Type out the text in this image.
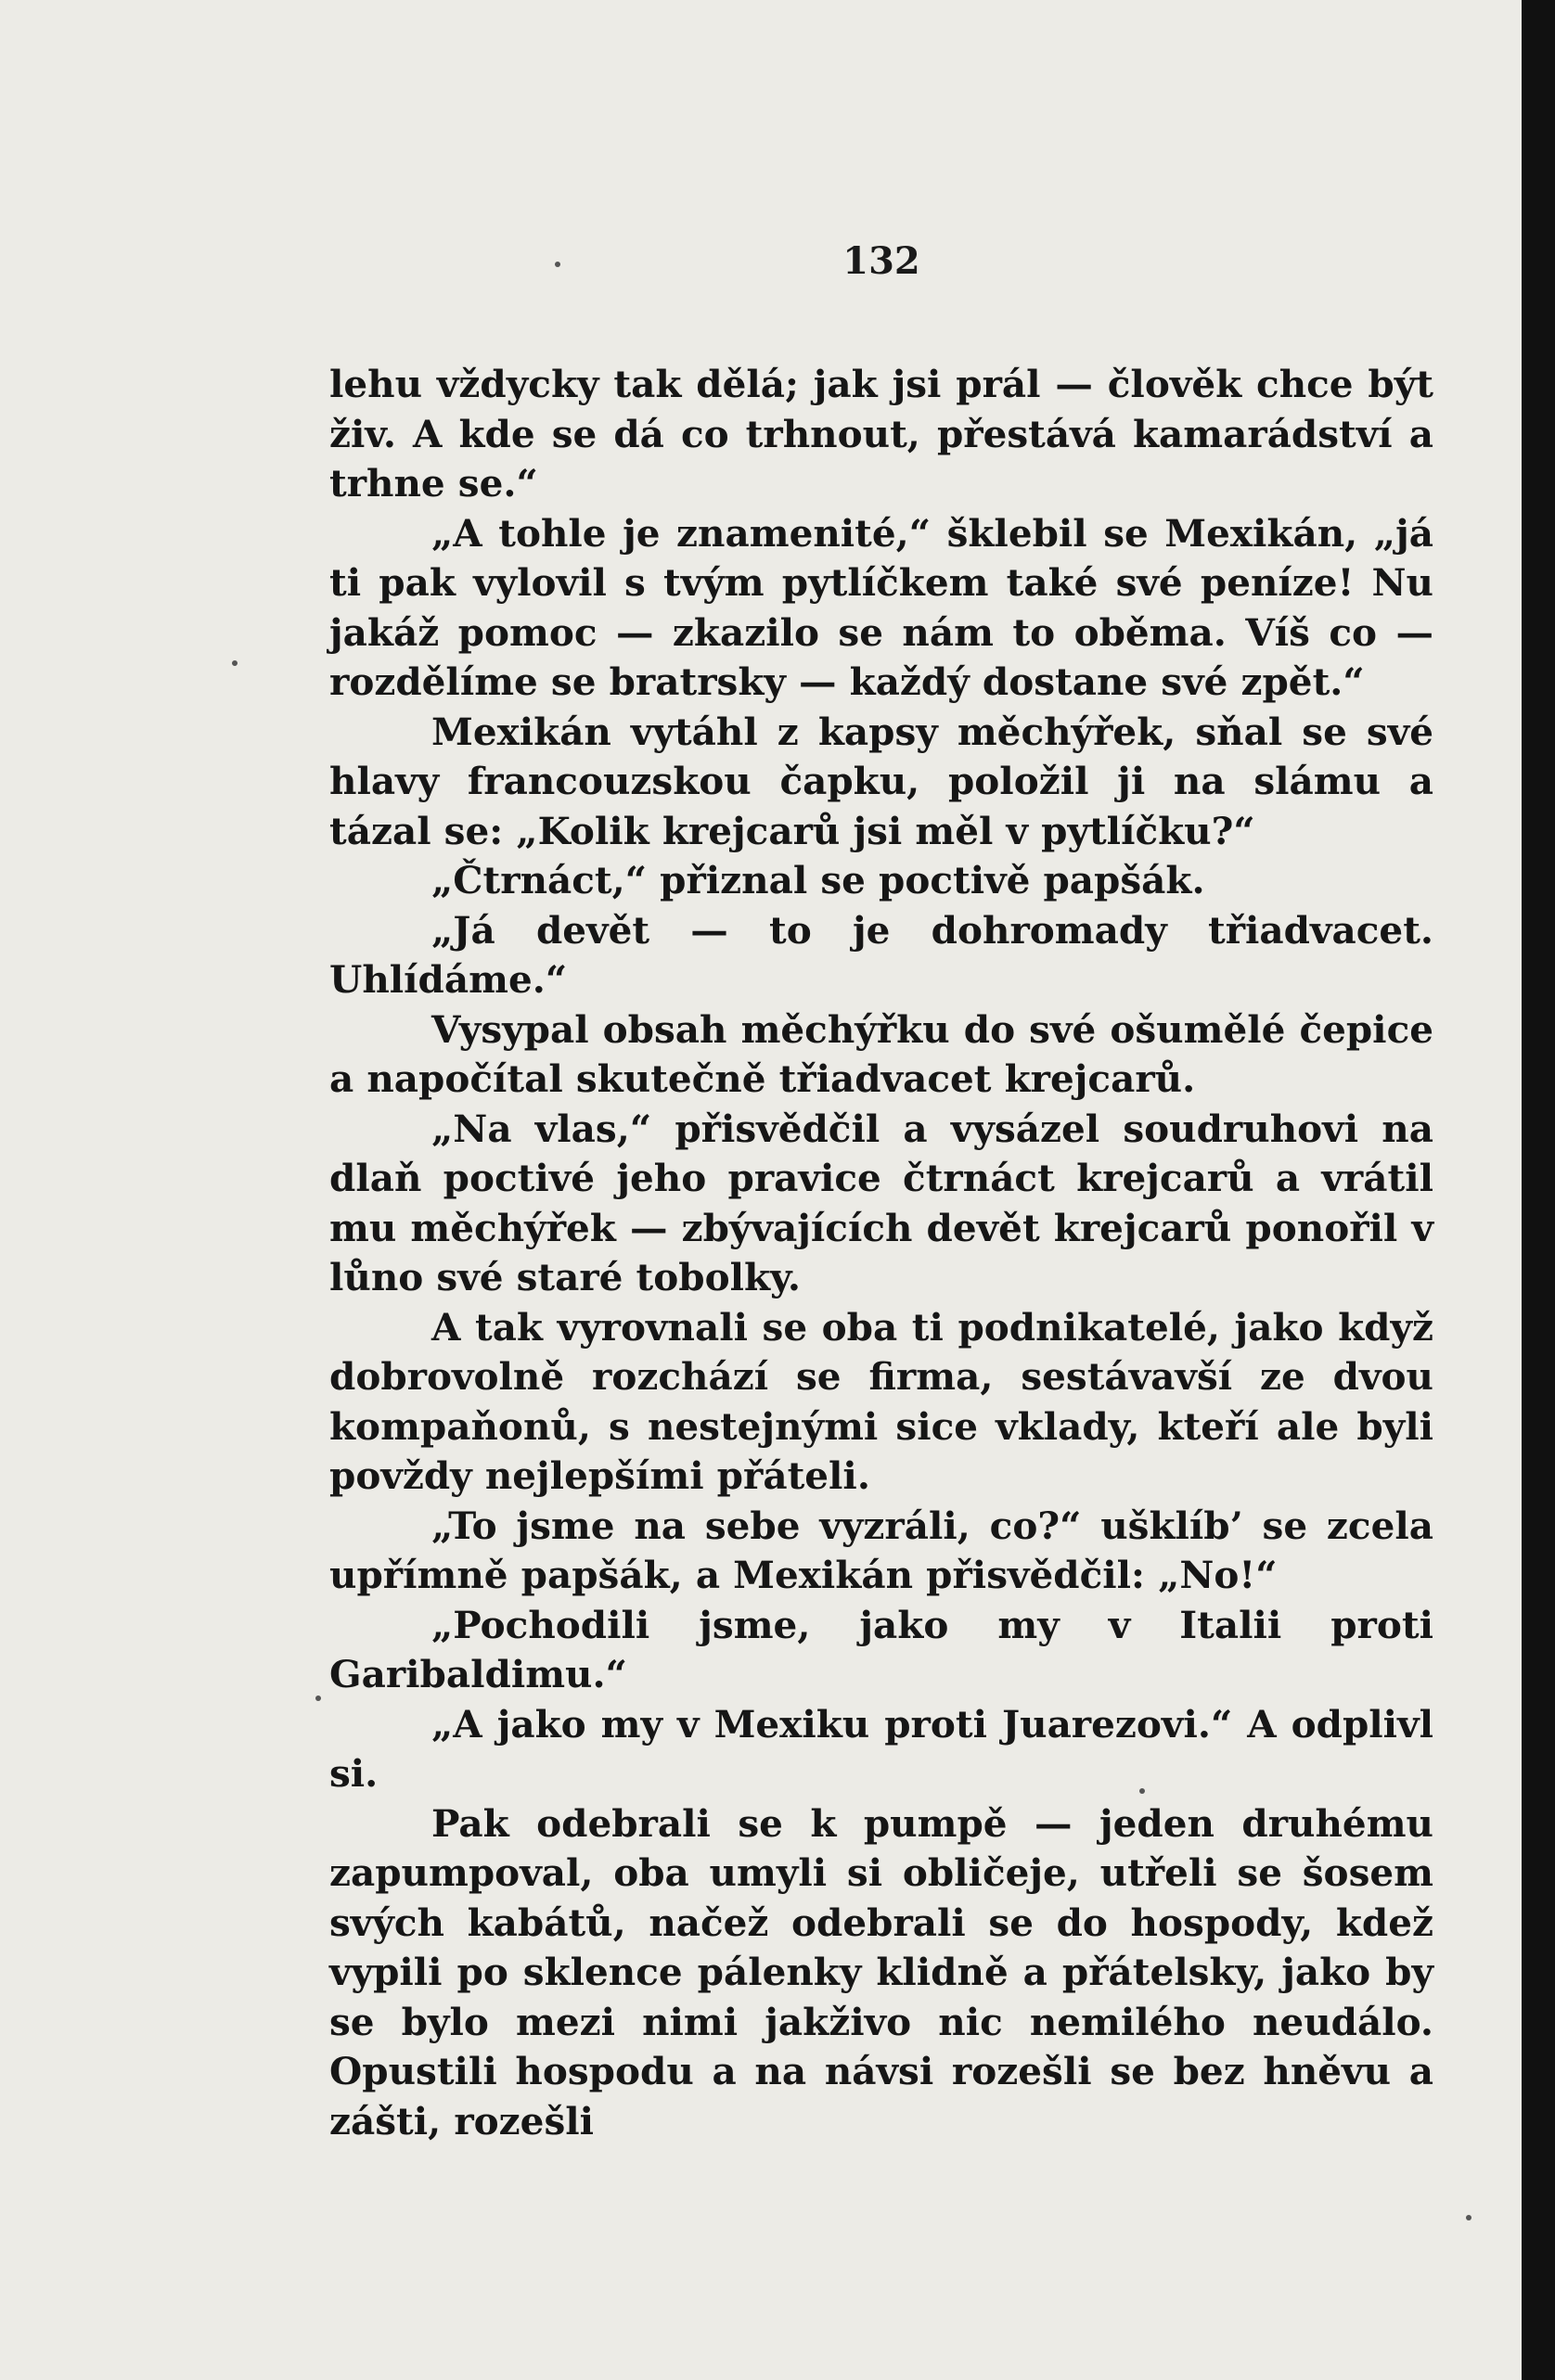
132

lehu vždycky tak dělá; jak jsi prál — člověk chce být živ. A kde se dá co trhnout, přestává kamarádství a trhne se.“

„A tohle je znamenité,“ šklebil se Mexikán, „já ti pak vylovil s tvým pytlíčkem také své peníze! Nu jakáž pomoc — zkazilo se nám to oběma. Víš co — rozdělíme se bratrsky — každý dostane své zpět.“

Mexikán vytáhl z kapsy měchýřek, sňal se své hlavy francouzskou čapku, položil ji na slámu a tázal se: „Kolik krejcarů jsi měl v pytlíčku?“

„Čtrnáct,“ přiznal se poctivě papšák.

„Já devět — to je dohromady třiadvacet. Uhlídáme.“

Vysypal obsah měchýřku do své ošumělé čepice a napočítal skutečně třiadvacet krejcarů.

„Na vlas,“ přisvědčil a vysázel soudruhovi na dlaň poctivé jeho pravice čtrnáct krejcarů a vrátil mu měchýřek — zbývajících devět krejcarů ponořil v lůno své staré tobolky.

A tak vyrovnali se oba ti podnikatelé, jako když dobrovolně rozchází se firma, sestávavší ze dvou kompaňonů, s nestejnými sice vklady, kteří ale byli povždy nejlepšími přáteli.

„To jsme na sebe vyzráli, co?“ ušklíb’ se zcela upřímně papšák, a Mexikán přisvědčil: „No!“

„Pochodili jsme, jako my v Italii proti Garibaldimu.“

„A jako my v Mexiku proti Juarezovi.“ A odplivl si.

Pak odebrali se k pumpě — jeden druhému zapumpoval, oba umyli si obličeje, utřeli se šosem svých kabátů, načež odebrali se do hospody, kdež vypili po sklence pálenky klidně a přátelsky, jako by se bylo mezi nimi jakživo nic nemilého neudálo. Opustili hospodu a na návsi rozešli se bez hněvu a zášti, rozešli
